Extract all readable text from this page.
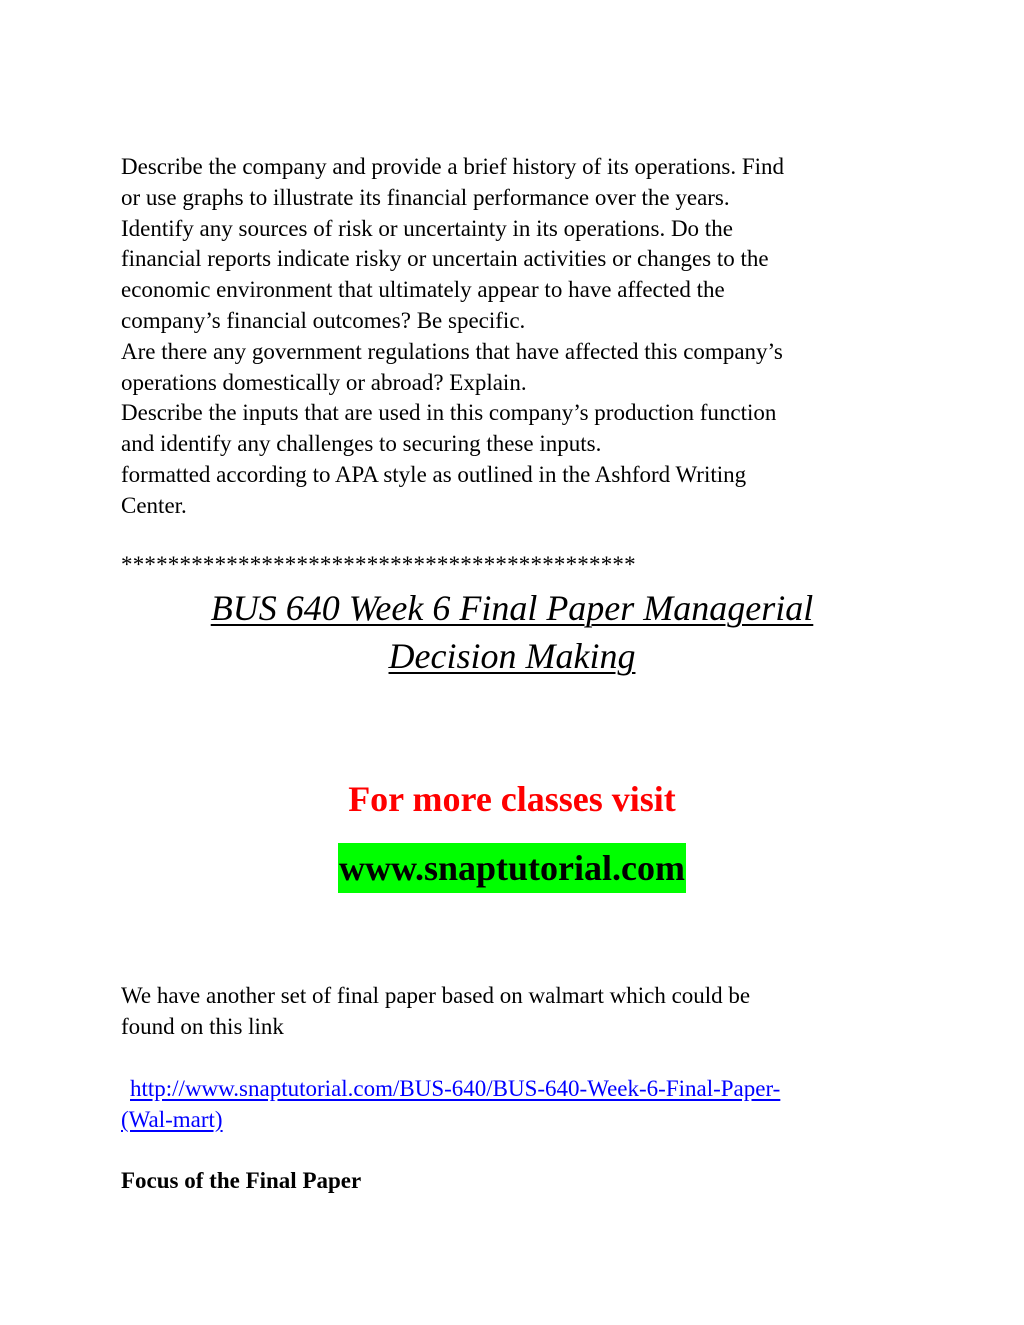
Describe the company and provide a brief history of its operations. Find

or use graphs to illustrate its financial performance over the years.

Identify any sources of risk or uncertainty in its operations. Do the

financial reports indicate risky or uncertain activities or changes to the

economic environment that ultimately appear to have affected the

company’s financial outcomes? Be specific.

Are there any government regulations that have affected this company’s

operations domestically or abroad? Explain.

Describe the inputs that are used in this company’s production function

and identify any challenges to securing these inputs.

formatted according to APA style as outlined in the Ashford Writing

Center.

********************************************
BUS 640 Week 6 Final Paper Managerial
Decision Making
For more classes visit
www.snaptutorial.com

We have another set of final paper based on walmart which could be

found on this link

http://www.snaptutorial.com/BUS-640/BUS-640-Week-6-Final-Paper-

(Wal-mart)

Focus of the Final Paper
